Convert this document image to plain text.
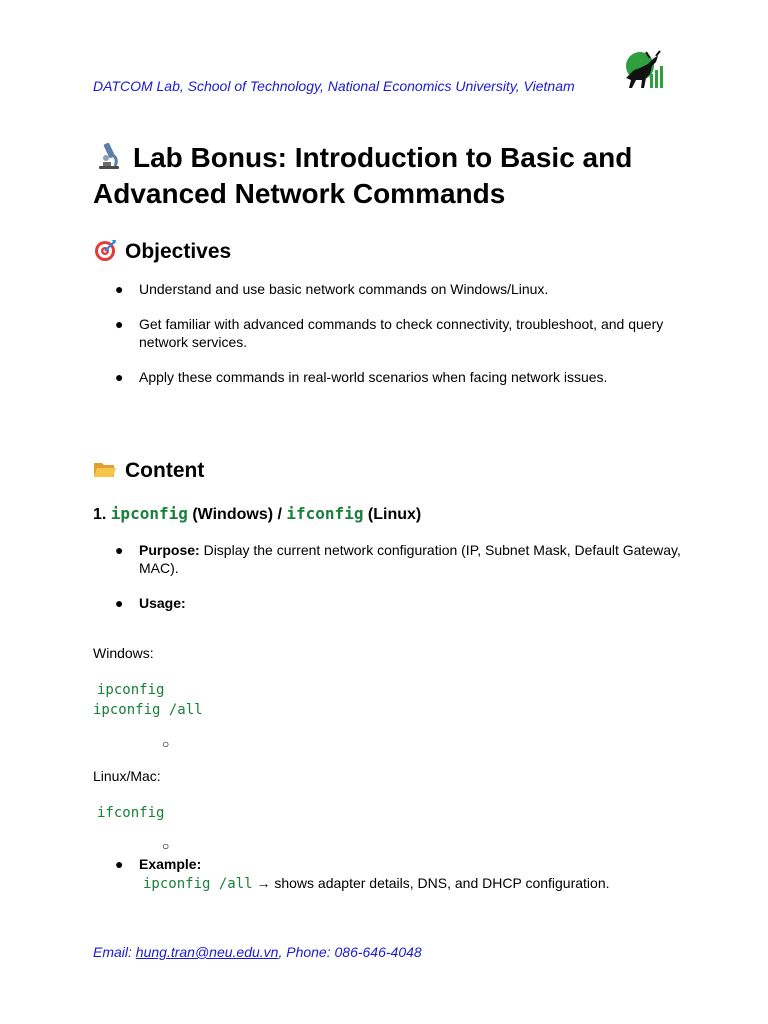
DATCOM Lab, School of Technology, National Economics University, Vietnam
Lab Bonus: Introduction to Basic and Advanced Network Commands
Objectives
● Understand and use basic network commands on Windows/Linux.
● Get familiar with advanced commands to check connectivity, troubleshoot, and query network services.
● Apply these commands in real-world scenarios when facing network issues.
Content
1. ipconfig (Windows) / ifconfig (Linux)
● Purpose: Display the current network configuration (IP, Subnet Mask, Default Gateway, MAC).
● Usage:
Windows:
ipconfig
ipconfig /all
○
Linux/Mac:
ifconfig
○
● Example:
ipconfig /all → shows adapter details, DNS, and DHCP configuration.
Email: hung.tran@neu.edu.vn, Phone: 086-646-4048
